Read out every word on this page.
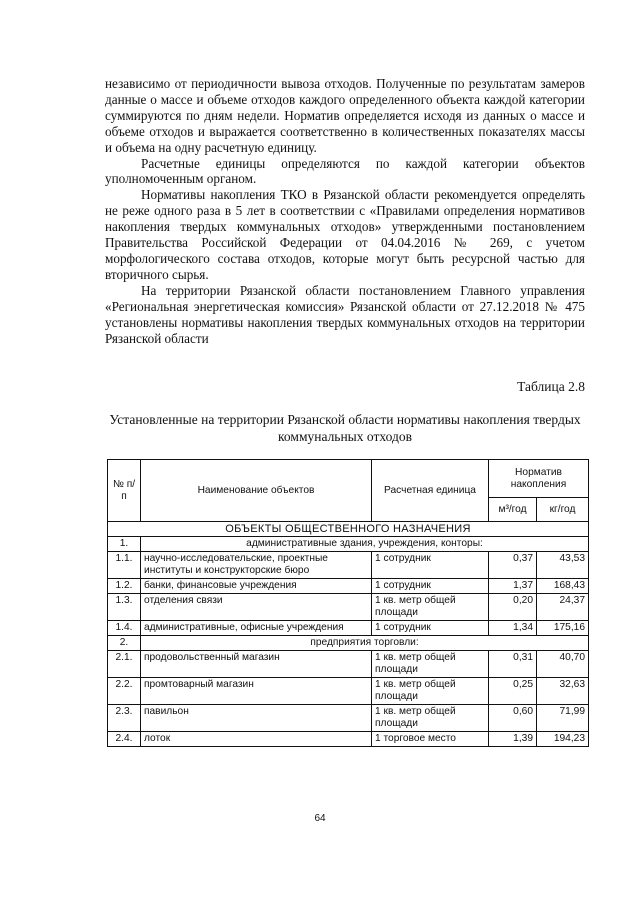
независимо от периодичности вывоза отходов. Полученные по результатам замеров данные о массе и объеме отходов каждого определенного объекта каждой категории суммируются по дням недели. Норматив определяется исходя из данных о массе и объеме отходов и выражается соответственно в количественных показателях массы и объема на одну расчетную единицу.

Расчетные единицы определяются по каждой категории объектов уполномоченным органом.

Нормативы накопления ТКО в Рязанской области рекомендуется определять не реже одного раза в 5 лет в соответствии с «Правилами определения нормативов накопления твердых коммунальных отходов» утвержденными постановлением Правительства Российской Федерации от 04.04.2016 № 269, с учетом морфологического состава отходов, которые могут быть ресурсной частью для вторичного сырья.

На территории Рязанской области постановлением Главного управления «Региональная энергетическая комиссия» Рязанской области от 27.12.2018 № 475 установлены нормативы накопления твердых коммунальных отходов на территории Рязанской области

Таблица 2.8
Установленные на территории Рязанской области нормативы накопления твердых коммунальных отходов
№ п/п	Наименование объектов	Расчетная единица	Норматив накопления	
			м³/год	кг/год
ОБЪЕКТЫ ОБЩЕСТВЕННОГО НАЗНАЧЕНИЯ				
1.	административные здания, учреждения, конторы:			
1.1.	научно-исследовательские, проектные институты и конструкторские бюро	1 сотрудник	0,37	43,53
1.2.	банки, финансовые учреждения	1 сотрудник	1,37	168,43
1.3.	отделения связи	1 кв. метр общей площади	0,20	24,37
1.4.	административные, офисные учреждения	1 сотрудник	1,34	175,16
2.	предприятия торговли:			
2.1.	продовольственный магазин	1 кв. метр общей площади	0,31	40,70
2.2.	промтоварный магазин	1 кв. метр общей площади	0,25	32,63
2.3.	павильон	1 кв. метр общей площади	0,60	71,99
2.4.	лоток	1 торговое место	1,39	194,23
64
